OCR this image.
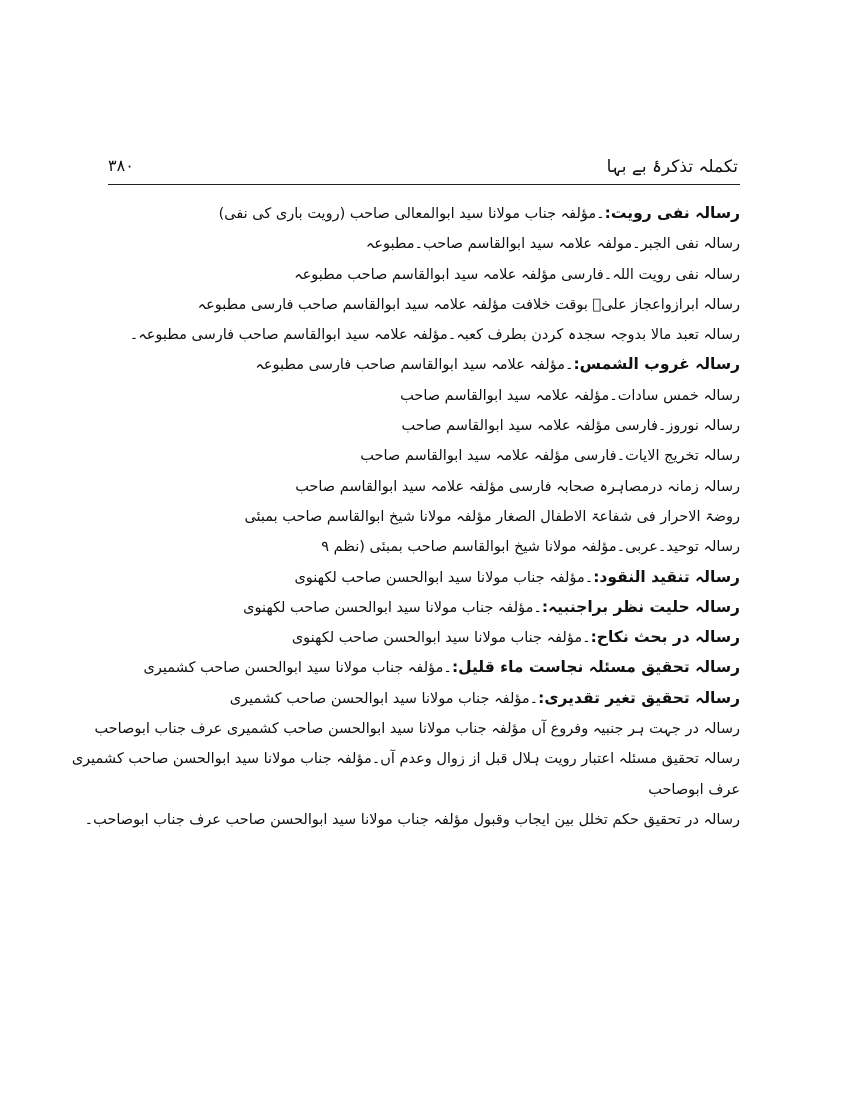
تکملہ تذکرۂ بے بہا
۳۸۰
رسالہ نفی رویت:۔مؤلفہ جناب مولانا سید ابوالمعالی صاحب (رویت باری کی نفی)
رسالہ نفی الجبر۔مولفہ علامہ سید ابوالقاسم صاحب۔مطبوعہ
رسالہ نفی رویت اللہ۔فارسی مؤلفہ علامہ سید ابوالقاسم صاحب مطبوعہ
رسالہ ابرازواعجاز علیؑ بوقت خلافت مؤلفہ علامہ سید ابوالقاسم صاحب فارسی مطبوعہ
رسالہ تعبد مالا بدوجہ سجدہ کردن بطرف کعبہ۔مؤلفہ علامہ سید ابوالقاسم صاحب فارسی مطبوعہ۔
رسالہ غروب الشمس:۔مؤلفہ علامہ سید ابوالقاسم صاحب فارسی مطبوعہ
رسالہ خمس سادات۔مؤلفہ علامہ سید ابوالقاسم صاحب
رسالہ نوروز۔فارسی مؤلفہ علامہ سید ابوالقاسم صاحب
رسالہ تخریج الایات۔فارسی مؤلفہ علامہ سید ابوالقاسم صاحب
رسالہ زمانہ درمصاہرہ صحابہ فارسی مؤلفہ علامہ سید ابوالقاسم صاحب
روضۃ الاحرار فی شفاعۃ الاطفال الصغار مؤلفہ مولانا شیخ ابوالقاسم صاحب بمبئی
رسالہ توحید۔عربی۔مؤلفہ مولانا شیخ ابوالقاسم صاحب بمبئی (نظم ۹
رسالہ تنقید النقود:۔مؤلفہ جناب مولانا سید ابوالحسن صاحب لکھنوی
رسالہ حلیت نظر براجنبیہ:۔مؤلفہ جناب مولانا سید ابوالحسن صاحب لکھنوی
رسالہ در بحث نکاح:۔مؤلفہ جناب مولانا سید ابوالحسن صاحب لکھنوی
رسالہ تحقیق مسئلہ نجاست ماء قلیل:۔مؤلفہ جناب مولانا سید ابوالحسن صاحب کشمیری
رسالہ تحقیق تغیر تقدیری:۔مؤلفہ جناب مولانا سید ابوالحسن صاحب کشمیری
رسالہ در جہت ہر جنبیہ وفروع آں مؤلفہ جناب مولانا سید ابوالحسن صاحب کشمیری عرف جناب ابوصاحب
رسالہ تحقیق مسئلہ اعتبار رویت ہلال قبل از زوال وعدم آں۔مؤلفہ جناب مولانا سید ابوالحسن صاحب کشمیری
عرف ابوصاحب
رسالہ در تحقیق حکم تخلل بین ایجاب وقبول مؤلفہ جناب مولانا سید ابوالحسن صاحب عرف جناب ابوصاحب۔
